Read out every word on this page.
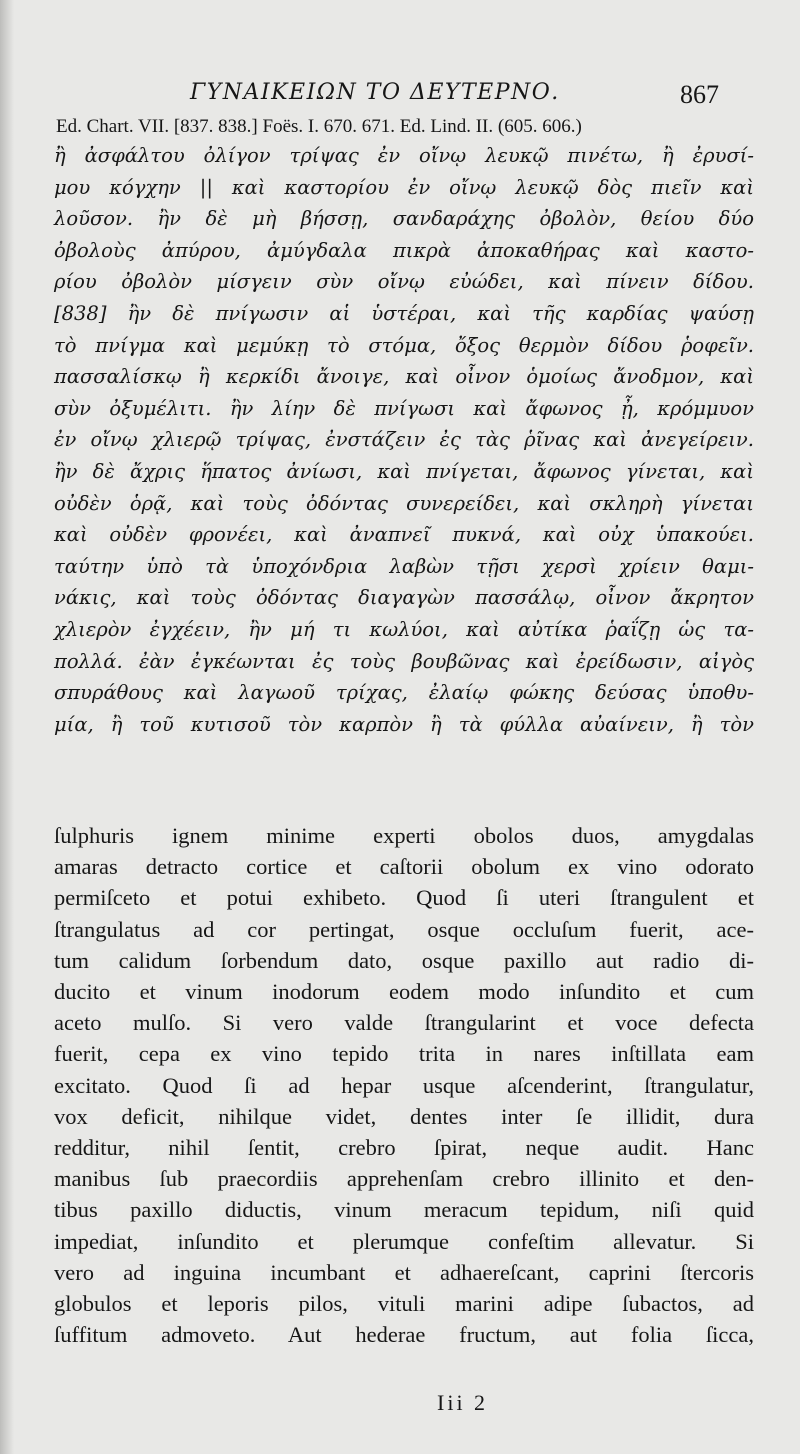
ΓΥΝΑΙΚΕΙΩΝ ΤΟ ΔΕΥΤΕΡΝΟ.	867
Ed. Chart. VII. [837. 838.] Foës. I. 670. 671. Ed. Lind. II. (605. 606.)
ἢ ἀσφάλτου ὀλίγον τρίψας ἐν οἴνῳ λευκῷ πινέτω, ἢ ἐρυσί-
μου κόγχην || καὶ καστορίου ἐν οἴνῳ λευκῷ δὸς πιεῖν καὶ
λοῦσον. ἢν δὲ μὴ βήσσῃ, σανδαράχης ὀβολὸν, θείου δύο
ὀβολοὺς ἀπύρου, ἀμύγδαλα πικρὰ ἀποκαθήρας καὶ καστο-
ρίου ὀβολὸν μίσγειν σὺν οἴνῳ εὐώδει, καὶ πίνειν δίδου.
[838] ἢν δὲ πνίγωσιν αἱ ὑστέραι, καὶ τῆς καρδίας ψαύσῃ
τὸ πνίγμα καὶ μεμύκῃ τὸ στόμα, ὄξος θερμὸν δίδου ῥοφεῖν.
πασσαλίσκῳ ἢ κερκίδι ἄνοιγε, καὶ οἶνον ὁμοίως ἄνοδμον, καὶ
σὺν ὀξυμέλιτι. ἢν λίην δὲ πνίγωσι καὶ ἄφωνος ᾖ, κρόμμυον
ἐν οἴνῳ χλιερῷ τρίψας, ἐνστάζειν ἐς τὰς ῥῖνας καὶ ἀνεγείρειν.
ἢν δὲ ἄχρις ἥπατος ἀνίωσι, καὶ πνίγεται, ἄφωνος γίνεται, καὶ
οὐδὲν ὁρᾷ, καὶ τοὺς ὀδόντας συνερείδει, καὶ σκληρὴ γίνεται
καὶ οὐδὲν φρονέει, καὶ ἀναπνεῖ πυκνά, καὶ οὐχ ὑπακούει.
ταύτην ὑπὸ τὰ ὑποχόνδρια λαβὼν τῇσι χερσὶ χρίειν θαμι-
νάκις, καὶ τοὺς ὀδόντας διαγαγὼν πασσάλῳ, οἶνον ἄκρητον
χλιερὸν ἐγχέειν, ἢν μή τι κωλύοι, καὶ αὐτίκα ῥαΐζῃ ὡς τα-
πολλά. ἐὰν ἐγκέωνται ἐς τοὺς βουβῶνας καὶ ἐρείδωσιν, αἰγὸς
σπυράθους καὶ λαγωοῦ τρίχας, ἐλαίῳ φώκης δεύσας ὑποθυ-
μία, ἢ τοῦ κυτισοῦ τὸν καρπὸν ἢ τὰ φύλλα αὐαίνειν, ἢ τὸν
ſulphuris ignem minime experti obolos duos, amygdalas
amaras detracto cortice et caſtorii obolum ex vino odorato
permiſceto et potui exhibeto. Quod ſi uteri ſtrangulent et
ſtrangulatus ad cor pertingat, osque occluſum fuerit, ace-
tum calidum ſorbendum dato, osque paxillo aut radio di-
ducito et vinum inodorum eodem modo inſundito et cum
aceto mulſo. Si vero valde ſtrangularint et voce defecta
fuerit, cepa ex vino tepido trita in nares inſtillata eam
excitato. Quod ſi ad hepar usque aſcenderint, ſtrangulatur,
vox deficit, nihilque videt, dentes inter ſe illidit, dura
redditur, nihil ſentit, crebro ſpirat, neque audit. Hanc
manibus ſub praecordiis apprehenſam crebro illinito et den-
tibus paxillo diductis, vinum meracum tepidum, niſi quid
impediat, inſundito et plerumque confeſtim allevatur. Si
vero ad inguina incumbant et adhaereſcant, caprini ſtercoris
globulos et leporis pilos, vituli marini adipe ſubactos, ad
ſuffitum admoveto. Aut hederae fructum, aut folia ſicca,
Iii 2
